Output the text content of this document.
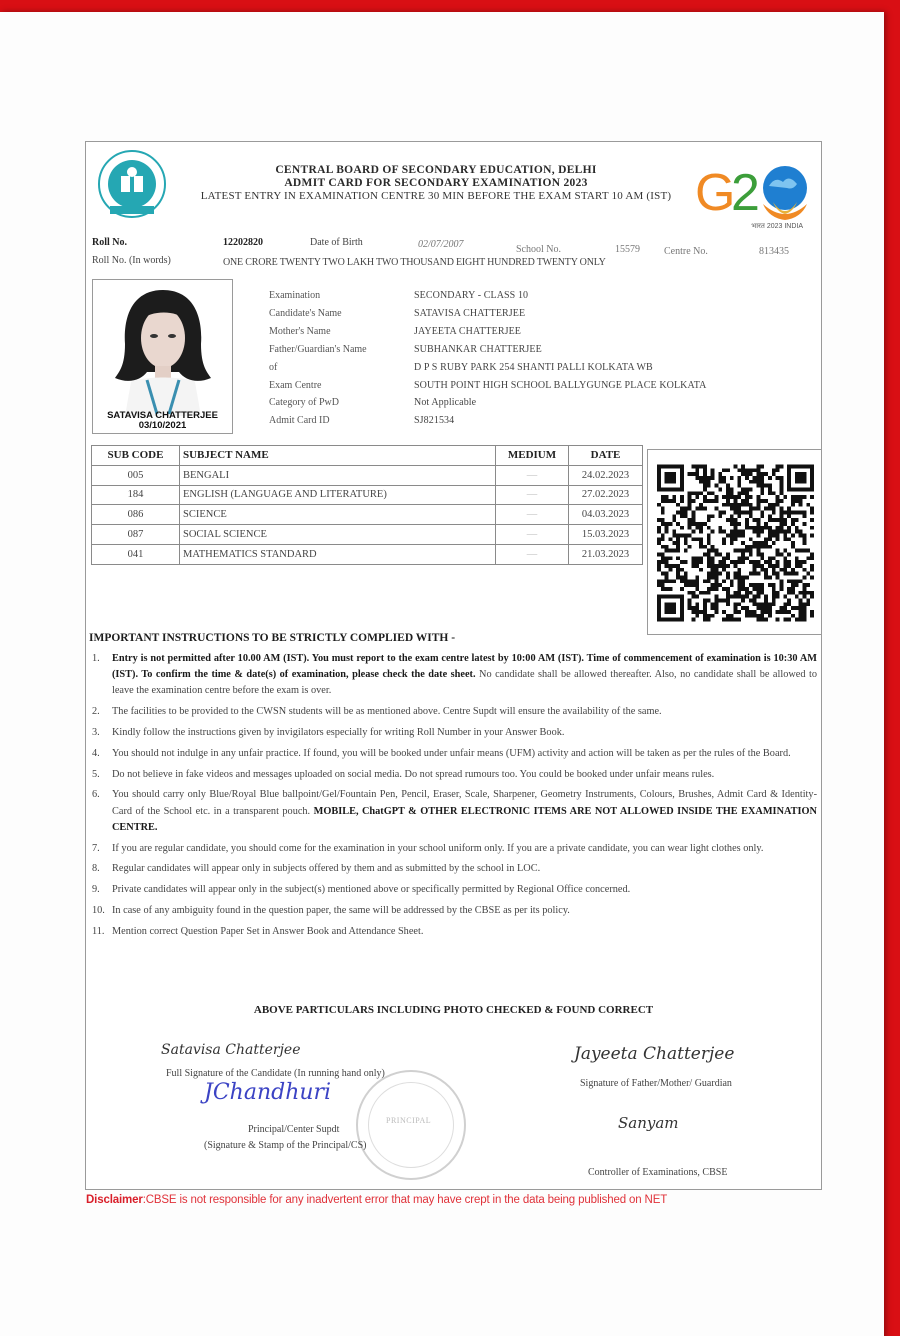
CENTRAL BOARD OF SECONDARY EDUCATION, DELHI
ADMIT CARD FOR SECONDARY EXAMINATION 2023
LATEST ENTRY IN EXAMINATION CENTRE 30 MIN BEFORE THE EXAM START 10 AM (IST) G
2
भारत 2023 INDIA
Roll No.	12202820	Date of Birth	02/07/2007	School No.	15579 Centre No.	813435
Roll No. (In words)	ONE CRORE TWENTY TWO LAKH TWO THOUSAND EIGHT HUNDRED TWENTY ONLY
SATAVISA CHATTERJEE
03/10/2021
Examination	SECONDARY - CLASS 10
Candidate's Name	SATAVISA CHATTERJEE
Mother's Name	JAYEETA CHATTERJEE
Father/Guardian's Name	SUBHANKAR CHATTERJEE
of	D P S RUBY PARK 254 SHANTI PALLI KOLKATA WB
Exam Centre	SOUTH POINT HIGH SCHOOL BALLYGUNGE PLACE KOLKATA
Category of PwD	Not Applicable
Admit Card ID	SJ821534
SUB CODE	SUBJECT NAME	MEDIUM	DATE
005	BENGALI	—	24.02.2023
184	ENGLISH (LANGUAGE AND LITERATURE)	—	27.02.2023
086	SCIENCE	—	04.03.2023
087	SOCIAL SCIENCE	—	15.03.2023
041	MATHEMATICS STANDARD	—	21.03.2023
IMPORTANT INSTRUCTIONS TO BE STRICTLY COMPLIED WITH -
1.	Entry is not permitted after 10.00 AM (IST). You must report to the exam centre latest by 10:00 AM (IST). Time of commencement of examination is 10:30 AM (IST). To confirm the time & date(s) of examination, please check the date sheet. No candidate shall be allowed thereafter. Also, no candidate shall be allowed to leave the examination centre before the exam is over.
2.	The facilities to be provided to the CWSN students will be as mentioned above. Centre Supdt will ensure the availability of the same.
3.	Kindly follow the instructions given by invigilators especially for writing Roll Number in your Answer Book.
4.	You should not indulge in any unfair practice. If found, you will be booked under unfair means (UFM) activity and action will be taken as per the rules of the Board.
5.	Do not believe in fake videos and messages uploaded on social media. Do not spread rumours too. You could be booked under unfair means rules.
6.	You should carry only Blue/Royal Blue ballpoint/Gel/Fountain Pen, Pencil, Eraser, Scale, Sharpener, Geometry Instruments, Colours, Brushes, Admit Card & Identity-Card of the School etc. in a transparent pouch. MOBILE, ChatGPT & OTHER ELECTRONIC ITEMS ARE NOT ALLOWED INSIDE THE EXAMINATION CENTRE.
7.	If you are regular candidate, you should come for the examination in your school uniform only. If you are a private candidate, you can wear light clothes only.
8.	Regular candidates will appear only in subjects offered by them and as submitted by the school in LOC.
9.	Private candidates will appear only in the subject(s) mentioned above or specifically permitted by Regional Office concerned.
10. In case of any ambiguity found in the question paper, the same will be addressed by the CBSE as per its policy.
11. Mention correct Question Paper Set in Answer Book and Attendance Sheet.
ABOVE PARTICULARS INCLUDING PHOTO CHECKED & FOUND CORRECT
Satavisa Chatterjee
Full Signature of the Candidate (In running hand only)
PRINCIPAL
JChandhuri
Principal/Center Supdt
(Signature & Stamp of the Principal/CS)
Jayeeta Chatterjee
Signature of Father/Mother/ Guardian
Sanyam
Controller of Examinations, CBSE
Disclaimer:CBSE is not responsible for any inadvertent error that may have crept in the data being published on NET
